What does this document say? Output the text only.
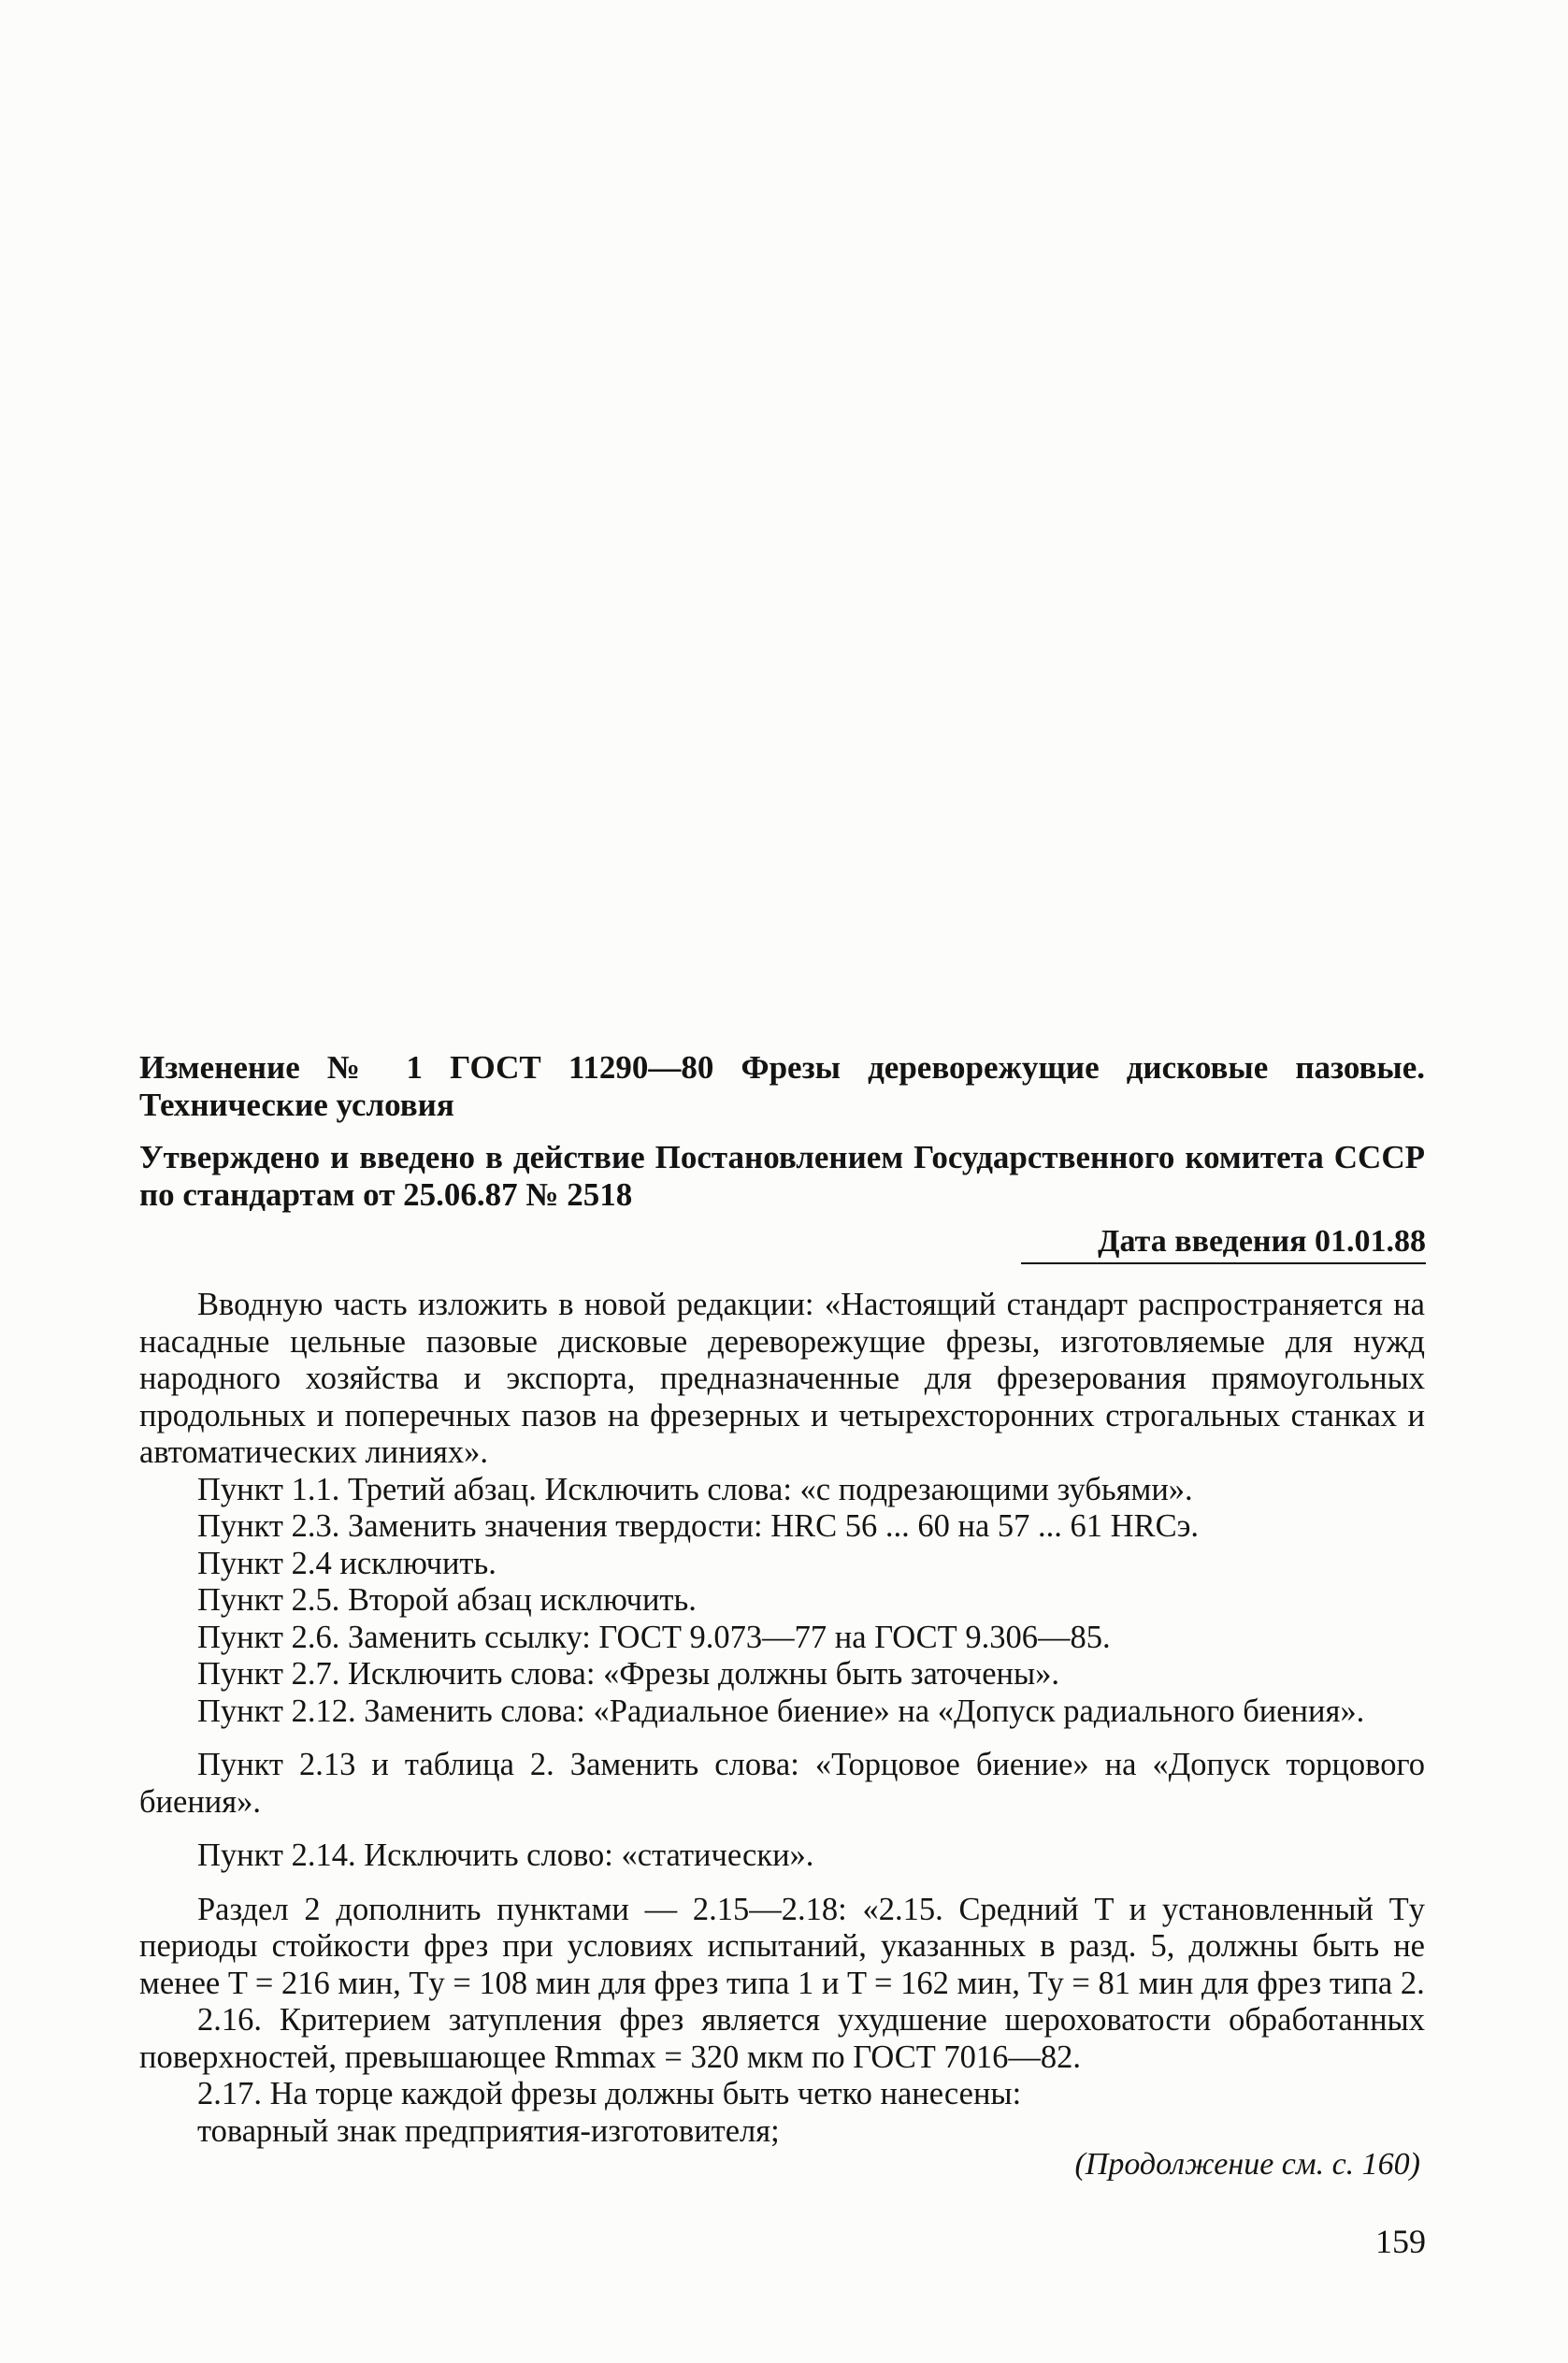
Изменение № 1 ГОСТ 11290—80 Фрезы дереворежущие дисковые пазовые. Технические условия
Утверждено и введено в действие Постановлением Государственного комитета СССР по стандартам от 25.06.87 № 2518
Дата введения 01.01.88

Вводную часть изложить в новой редакции: «Настоящий стандарт распространяется на насадные цельные пазовые дисковые дереворежущие фрезы, изготовляемые для нужд народного хозяйства и экспорта, предназначенные для фрезерования прямоугольных продольных и поперечных пазов на фрезерных и четырехсторонних строгальных станках и автоматических линиях».

Пункт 1.1. Третий абзац. Исключить слова: «с подрезающими зубьями».

Пункт 2.3. Заменить значения твердости: HRC 56 ... 60 на 57 ... 61 HRCэ.

Пункт 2.4 исключить.

Пункт 2.5. Второй абзац исключить.

Пункт 2.6. Заменить ссылку: ГОСТ 9.073—77 на ГОСТ 9.306—85.

Пункт 2.7. Исключить слова: «Фрезы должны быть заточены».

Пункт 2.12. Заменить слова: «Радиальное биение» на «Допуск радиального биения».

Пункт 2.13 и таблица 2. Заменить слова: «Торцовое биение» на «Допуск торцового биения».

Пункт 2.14. Исключить слово: «статически».

Раздел 2 дополнить пунктами — 2.15—2.18: «2.15. Средний T и установленный Tу периоды стойкости фрез при условиях испытаний, указанных в разд. 5, должны быть не менее T = 216 мин, Tу = 108 мин для фрез типа 1 и T = 162 мин, Tу = 81 мин для фрез типа 2.

2.16. Критерием затупления фрез является ухудшение шероховатости обработанных поверхностей, превышающее Rmmax = 320 мкм по ГОСТ 7016—82.

2.17. На торце каждой фрезы должны быть четко нанесены:

товарный знак предприятия-изготовителя;

(Продолжение см. с. 160)
159
